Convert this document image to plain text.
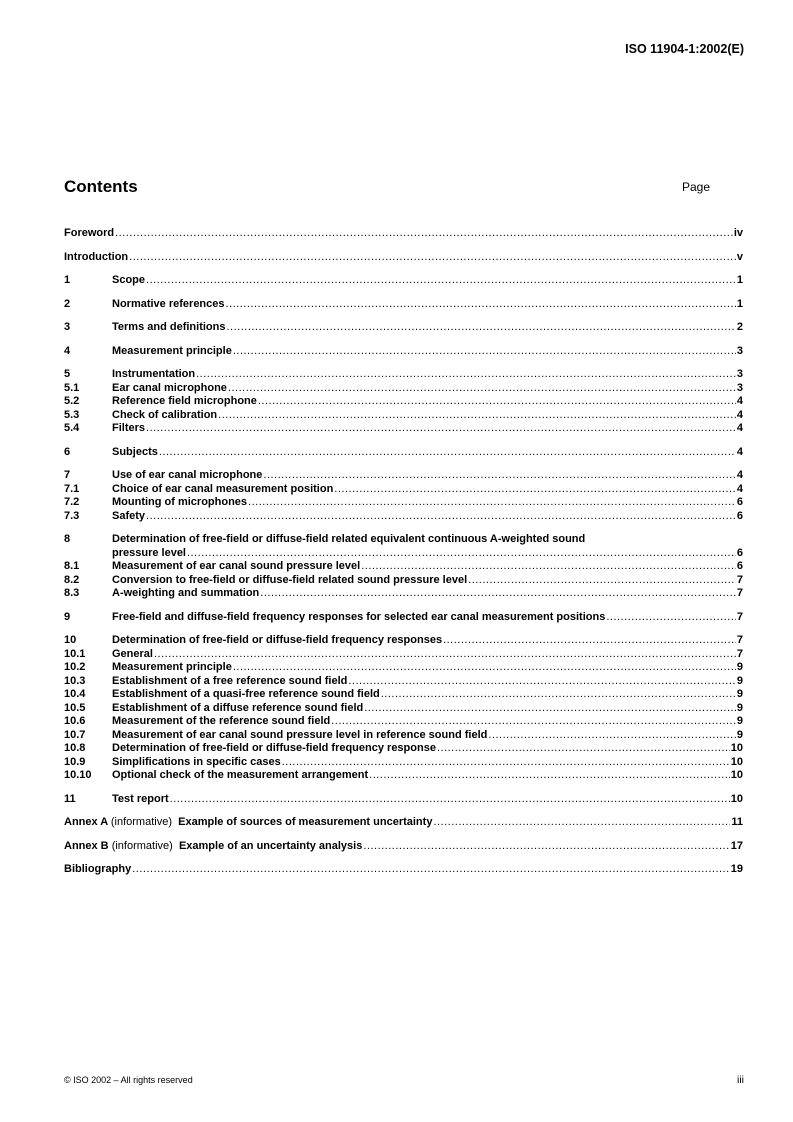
ISO 11904-1:2002(E)
Contents	Page
Foreword .....	iv
Introduction .....	v
1	Scope .....	1
2	Normative references .....	1
3	Terms and definitions .....	2
4	Measurement principle .....	3
5	Instrumentation .....	3
5.1	Ear canal microphone .....	3
5.2	Reference field microphone .....	4
5.3	Check of calibration .....	4
5.4	Filters .....	4
6	Subjects .....	4
7	Use of ear canal microphone .....	4
7.1	Choice of ear canal measurement position .....	4
7.2	Mounting of microphones .....	6
7.3	Safety .....	6
8	Determination of free-field or diffuse-field related equivalent continuous A-weighted sound
pressure level .....	6
8.1	Measurement of ear canal sound pressure level .....	6
8.2	Conversion to free-field or diffuse-field related sound pressure level .....	7
8.3	A-weighting and summation .....	7
9	Free-field and diffuse-field frequency responses for selected ear canal measurement positions .....	7
10	Determination of free-field or diffuse-field frequency responses .....	7
10.1	General .....	7
10.2	Measurement principle .....	9
10.3	Establishment of a free reference sound field .....	9
10.4	Establishment of a quasi-free reference sound field .....	9
10.5	Establishment of a diffuse reference sound field .....	9
10.6	Measurement of the reference sound field .....	9
10.7	Measurement of ear canal sound pressure level in reference sound field .....	9
10.8	Determination of free-field or diffuse-field frequency response .....	10
10.9	Simplifications in specific cases .....	10
10.10	Optional check of the measurement arrangement .....	10
11	Test report .....	10
Annex A (informative) Example of sources of measurement uncertainty .....	11
Annex B (informative) Example of an uncertainty analysis .....	17
Bibliography .....	19
© ISO 2002 – All rights reserved	iii
